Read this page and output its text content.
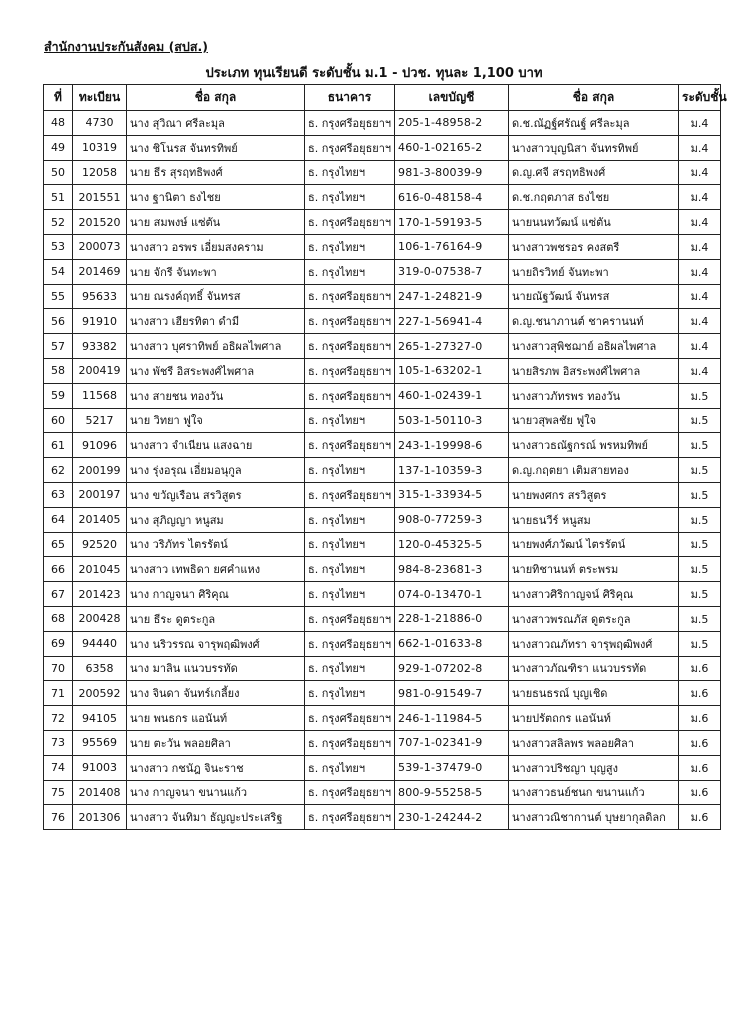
สำนักงานประกันสังคม (สปส.)
ประเภท ทุนเรียนดี ระดับชั้น ม.1 - ปวช. ทุนละ 1,100 บาท
ที่	ทะเบียน	ชื่อ สกุล	ธนาคาร	เลขบัญชี	ชื่อ สกุล	ระดับชั้น
48	4730	นาง สุวิณา ศรีละมุล	ธ. กรุงศรีอยุธยาฯ	205-1-48958-2	ด.ช.ณัฏฐ์ศรัณฐ์ ศรีละมุล	ม.4
49	10319	นาง ชิโนรส จันทรทิพย์	ธ. กรุงศรีอยุธยาฯ	460-1-02165-2	นางสาวบุญนิสา จันทรทิพย์	ม.4
50	12058	นาย ธีร สุรฤทธิพงศ์	ธ. กรุงไทยฯ	981-3-80039-9	ด.ญ.ศจี สรฤทธิพงศ์	ม.4
51	201551	นาง ฐานิตา ธงไชย	ธ. กรุงไทยฯ	616-0-48158-4	ด.ช.กฤตภาส ธงไชย	ม.4
52	201520	นาย สมพงษ์ แซ่ตัน	ธ. กรุงศรีอยุธยาฯ	170-1-59193-5	นายนนทวัฒน์ แซ่ตัน	ม.4
53	200073	นางสาว อรพร เอี่ยมสงคราม	ธ. กรุงไทยฯ	106-1-76164-9	นางสาวพชรอร คงสตรี	ม.4
54	201469	นาย จักรี จันทะพา	ธ. กรุงไทยฯ	319-0-07538-7	นายถิรวิทย์ จันทะพา	ม.4
55	95633	นาย ณรงค์ฤทธิ์ จันทรส	ธ. กรุงศรีอยุธยาฯ	247-1-24821-9	นายณัฐวัฒน์ จันทรส	ม.4
56	91910	นางสาว เฮียรทิตา ดำมี	ธ. กรุงศรีอยุธยาฯ	227-1-56941-4	ด.ญ.ชนาภานต์ ชาครานนท์	ม.4
57	93382	นางสาว บุศราทิพย์ อธิผลไพศาล	ธ. กรุงศรีอยุธยาฯ	265-1-27327-0	นางสาวสุพิชฌาย์ อธิผลไพศาล	ม.4
58	200419	นาง พัชรี อิสระพงศ์ไพศาล	ธ. กรุงศรีอยุธยาฯ	105-1-63202-1	นายสิรภพ อิสระพงศ์ไพศาล	ม.4
59	11568	นาง สายชน ทองวัน	ธ. กรุงศรีอยุธยาฯ	460-1-02439-1	นางสาวภัทรพร ทองวัน	ม.5
60	5217	นาย วิทยา ฟูใจ	ธ. กรุงไทยฯ	503-1-50110-3	นายวสุพลชัย ฟูใจ	ม.5
61	91096	นางสาว จำเนียน แสงฉาย	ธ. กรุงศรีอยุธยาฯ	243-1-19998-6	นางสาวธณัฐกรณ์ พรหมทิพย์	ม.5
62	200199	นาง รุ่งอรุณ เอี่ยมอนุกูล	ธ. กรุงไทยฯ	137-1-10359-3	ด.ญ.กฤตยา เติมสายทอง	ม.5
63	200197	นาง ขวัญเรือน สรวิสูตร	ธ. กรุงศรีอยุธยาฯ	315-1-33934-5	นายพงศกร สรวิสูตร	ม.5
64	201405	นาง สุภิญญา หนูสม	ธ. กรุงไทยฯ	908-0-77259-3	นายธนวีร์ หนูสม	ม.5
65	92520	นาง วริภัทร ไตรรัตน์	ธ. กรุงไทยฯ	120-0-45325-5	นายพงศ์ภวัฒน์ ไตรรัตน์	ม.5
66	201045	นางสาว เทพธิดา ยศคำแหง	ธ. กรุงไทยฯ	984-8-23681-3	นายทิชานนท์ ตระพรม	ม.5
67	201423	นาง กาญจนา ศิริคุณ	ธ. กรุงไทยฯ	074-0-13470-1	นางสาวศิริกาญจน์ ศิริคุณ	ม.5
68	200428	นาย ธีระ ดูตระกูล	ธ. กรุงศรีอยุธยาฯ	228-1-21886-0	นางสาวพรณภัส ดูตระกูล	ม.5
69	94440	นาง นริวรรณ จารุพฤฒิพงศ์	ธ. กรุงศรีอยุธยาฯ	662-1-01633-8	นางสาวณภัทรา จารุพฤฒิพงศ์	ม.5
70	6358	นาง มาลิน แนวบรรทัด	ธ. กรุงไทยฯ	929-1-07202-8	นางสาวภัณฑิรา แนวบรรทัด	ม.6
71	200592	นาง จินดา จันทร์เกลี้ยง	ธ. กรุงไทยฯ	981-0-91549-7	นายธนธรณ์ บุญเชิด	ม.6
72	94105	นาย พนธกร แอนันท์	ธ. กรุงศรีอยุธยาฯ	246-1-11984-5	นายปรัตถกร แอนันท์	ม.6
73	95569	นาย ตะวัน พลอยศิลา	ธ. กรุงศรีอยุธยาฯ	707-1-02341-9	นางสาวสลิลพร พลอยศิลา	ม.6
74	91003	นางสาว กชนัฎ จินะราช	ธ. กรุงไทยฯ	539-1-37479-0	นางสาวปริชญา บุญสูง	ม.6
75	201408	นาง กาญจนา ขนานแก้ว	ธ. กรุงศรีอยุธยาฯ	800-9-55258-5	นางสาวธนย์ชนก ขนานแก้ว	ม.6
76	201306	นางสาว จันทิมา ธัญญะประเสริฐ	ธ. กรุงศรีอยุธยาฯ	230-1-24244-2	นางสาวณิชากานต์ บุษยากุลดิลก	ม.6
